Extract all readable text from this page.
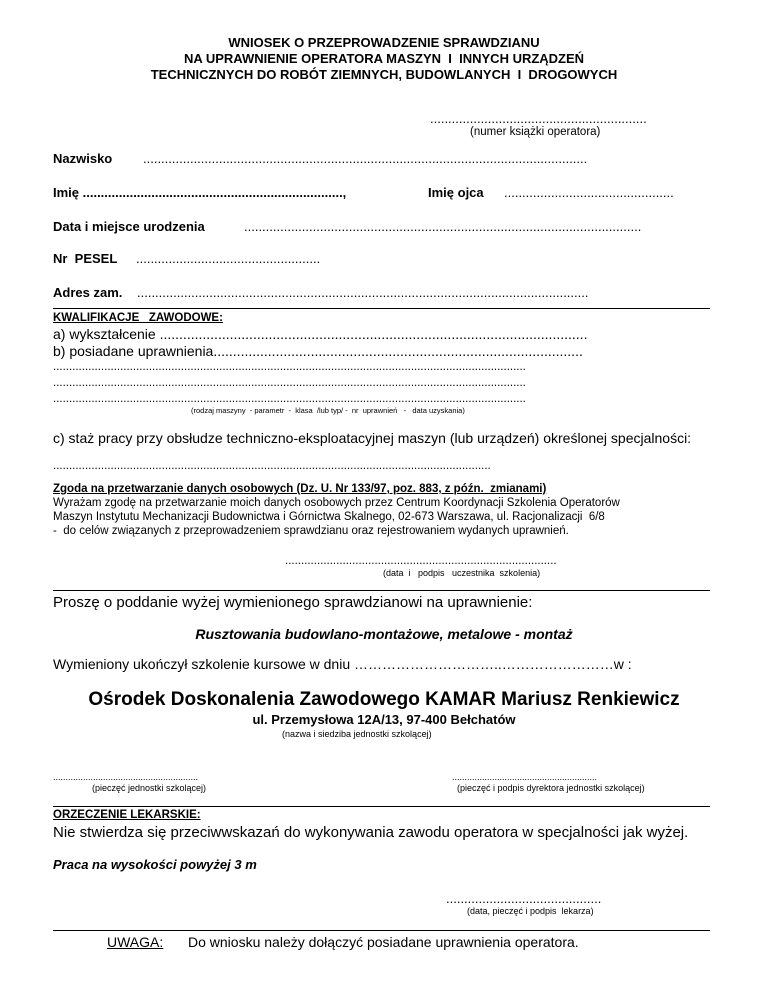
WNIOSEK O PRZEPROWADZENIE SPRAWDZIANU
NA UPRAWNIENIE OPERATORA MASZYN  I  INNYCH URZĄDZEŃ
TECHNICZNYCH DO ROBÓT ZIEMNYCH, BUDOWLANYCH  I  DROGOWYCH
............................................................
(numer książki operatora)
Nazwisko ...........................................................................................................................
Imię ........................................................................,	Imię ojca ...............................................
Data i miejsce urodzenia	..............................................................................................................
Nr  PESEL ...................................................
Adres zam. .............................................................................................................................
KWALIFIKACJE   ZAWODOWE:
a) wykształcenie ..............................................................................................................
b) posiadane uprawnienia...............................................................................................
....................................................................................................................................................
....................................................................................................................................................
....................................................................................................................................................
(rodzaj maszyny  - parametr  -  klasa  /lub typ/ -  nr  uprawnień   -   data uzyskania)
c) staż pracy przy obsłudze techniczno-eksploatacyjnej maszyn (lub urządzeń) określonej specjalności:
.........................................................................................................................................
Zgoda na przetwarzanie danych osobowych (Dz. U. Nr 133/97, poz. 883, z późn.  zmianami)
Wyrażam zgodę na przetwarzanie moich danych osobowych przez Centrum Koordynacji Szkolenia Operatorów
Maszyn Instytutu Mechanizacji Budownictwa i Górnictwa Skalnego, 02-673 Warszawa, ul. Racjonalizacji  6/8
-  do celów związanych z przeprowadzeniem sprawdzianu oraz rejestrowaniem wydanych uprawnień.
.....................................................................................
(data  i   podpis   uczestnika  szkolenia)
Proszę o poddanie wyżej wymienionego sprawdzianowi na uprawnienie:
Rusztowania budowlano-montażowe, metalowe - montaż
Wymieniony ukończył szkolenie kursowe w dniu …………………………..……………………w :
Ośrodek Doskonalenia Zawodowego KAMAR Mariusz Renkiewicz
ul. Przemysłowa 12A/13, 97-400 Bełchatów
(nazwa i siedziba jednostki szkolącej)
..........................................................
(pieczęć jednostki szkolącej)
..........................................................
(pieczęć i podpis dyrektora jednostki szkolącej)
ORZECZENIE LEKARSKIE:
Nie stwierdza się przeciwwskazań do wykonywania zawodu operatora w specjalności jak wyżej.
Praca na wysokości powyżej 3 m
...........................................
(data, pieczęć i podpis  lekarza)
UWAGA: Do wniosku należy dołączyć posiadane uprawnienia operatora.
